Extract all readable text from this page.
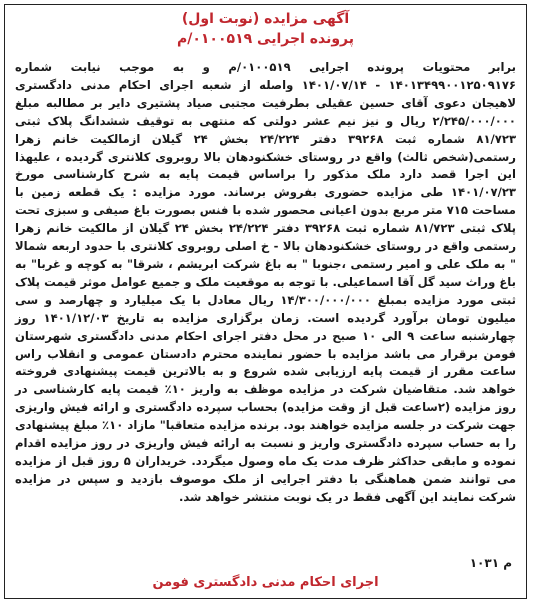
آگهی مزایده (نوبت اول)
پرونده اجرایی ۰۱۰۰۵۱۹/م
برابر محتویات پرونده اجرایی ۰۱۰۰۵۱۹/م و به موجب نیابت شماره ۱۴۰۱۳۴۹۹۰۰۱۲۵۰۹۱۷۶ - ۱۴۰۱/۰۷/۱۴ واصله از شعبه اجرای احکام مدنی دادگستری لاهیجان دعوی آقای حسین عقیلی بطرفیت مجتبی صیاد پشتیری دایر بر مطالبه مبلغ ۲/۲۴۵/۰۰۰/۰۰۰ ریال و نیز نیم عشر دولتی که منتهی به توقیف ششدانگ پلاک ثبتی ۸۱/۷۲۳ شماره ثبت ۳۹۲۶۸ دفتر ۲۴/۲۲۴ بخش ۲۴ گیلان ازمالکیت خانم زهرا رستمی(شخص ثالث) واقع در روستای خشکنودهان بالا روبروی کلانتری گردیده ، علیهذا این اجرا قصد دارد ملک مذکور را براساس قیمت پایه به شرح کارشناسی مورخ ۱۴۰۱/۰۷/۲۳ طی مزایده حضوری بفروش برساند. مورد مزایده : یک قطعه زمین با مساحت ۷۱۵ متر مربع بدون اعیانی محصور شده با فنس بصورت باغ صیفی و سبزی تحت پلاک ثبتی ۸۱/۷۲۳ شماره ثبت ۳۹۲۶۸ دفتر ۲۴/۲۲۴ بخش ۲۴ گیلان از مالکیت خانم زهرا رستمی واقع در روستای خشکنودهان بالا - خ اصلی روبروی کلانتری با حدود اربعه شمالا " به ملک علی و امیر رستمی ،جنوبا " به باغ شرکت ابریشم ، شرقا" به کوچه و غربا" به باغ وراث سید گل آقا اسماعیلی. با توجه به موقعیت ملک و جمیع عوامل موثر قیمت پلاک ثبتی مورد مزایده بمبلغ ۱۴/۳۰۰/۰۰۰/۰۰۰ ریال معادل با یک میلیارد و چهارصد و سی میلیون تومان برآورد گردیده است. زمان برگزاری مزایده به تاریخ ۱۴۰۱/۱۲/۰۳ روز چهارشنبه ساعت ۹ الی ۱۰ صبح در محل دفتر اجرای احکام مدنی دادگستری شهرستان فومن برقرار می باشد مزایده با حضور نماینده محترم دادستان عمومی و انقلاب راس ساعت مقرر از قیمت پایه ارزیابی شده شروع و به بالاترین قیمت پیشنهادی فروخته خواهد شد. متقاضیان شرکت در مزایده موظف به واریز ۱۰٪ قیمت پایه کارشناسی در روز مزایده (۲ساعت قبل از وقت مزایده) بحساب سپرده دادگستری و ارائه فیش واریزی جهت شرکت در جلسه مزایده خواهند بود. برنده مزایده متعاقبا" مازاد ۱۰٪ مبلغ پیشنهادی را به حساب سپرده دادگستری واریز و نسبت به ارائه فیش واریزی در روز مزایده اقدام نموده و مابقی حداکثر ظرف مدت یک ماه وصول میگردد. خریداران ۵ روز قبل از مزایده می توانند ضمن هماهنگی با دفتر اجرایی از ملک موصوف بازدید و سپس در مزایده شرکت نمایند این آگهی فقط در یک نوبت منتشر خواهد شد.
م ۱۰۳۱
اجرای احکام مدنی دادگستری فومن
